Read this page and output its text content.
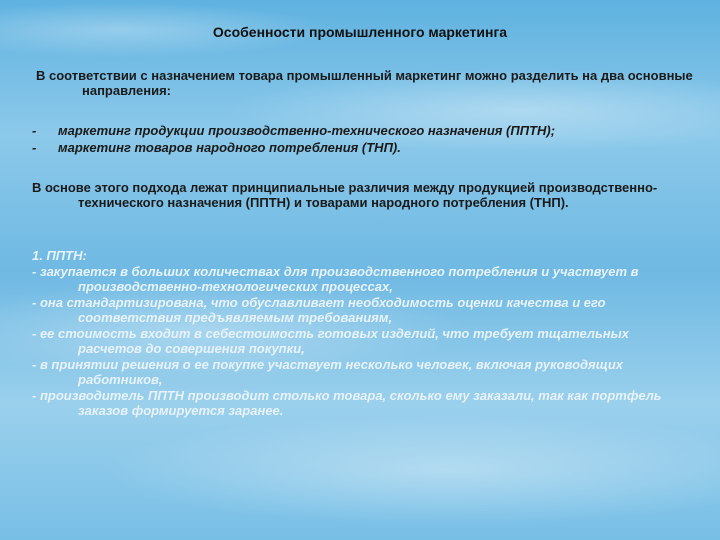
Особенности промышленного маркетинга

В соответствии с назначением товара промышленный маркетинг можно разделить на два основные направления:

- маркетинг продукции производственно-технического назначения (ППТН);
- маркетинг товаров народного потребления (ТНП).

В основе этого подхода лежат принципиальные различия между продукцией производственно-технического назначения (ППТН) и товарами народного потребления (ТНП).

1. ППТН:

- закупается в больших количествах для производственного потребления и участвует в производственно-технологических процессах,

- она стандартизирована, что обуславливает необходимость оценки качества и его соответствия предъявляемым требованиям,

- ее стоимость входит в себестоимость готовых изделий, что требует тщательных расчетов до совершения покупки,

- в принятии решения о ее покупке участвует несколько человек, включая руководящих работников,

- производитель ППТН производит столько товара, сколько ему заказали, так как портфель заказов формируется заранее.
